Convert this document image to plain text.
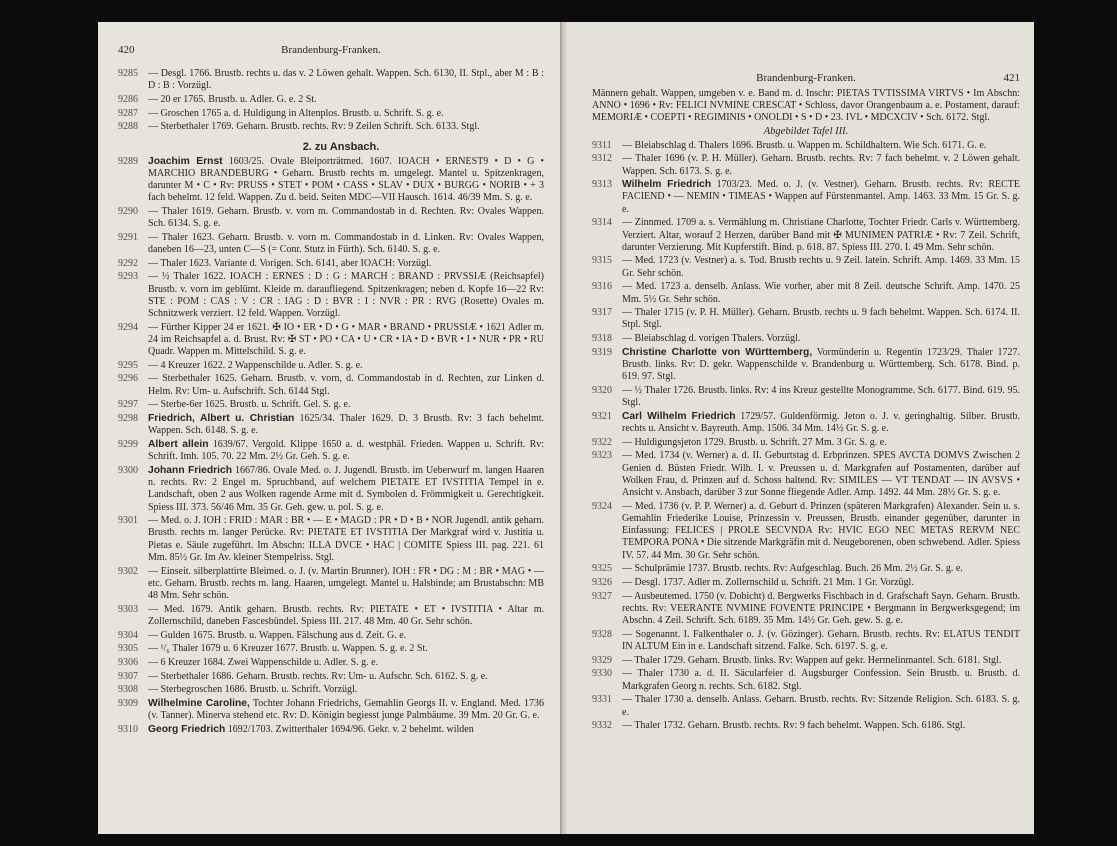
420	Brandenburg-Franken.
9285	— Desgl. 1766. Brustb. rechts u. das v. 2 Löwen gehalt. Wappen. Sch. 6130, II. Stpl., aber M : B : D : B : Vorzügl.
9286	— 20 er 1765. Brustb. u. Adler. G. e. 2 St.
9287	— Groschen 1765 a. d. Huldigung in Altenplos. Brustb. u. Schrift. S. g. e.
9288	— Sterbethaler 1769. Geharn. Brustb. rechts. Rv: 9 Zeilen Schrift. Sch. 6133. Stgl.
2. zu Ansbach.
9289 Joachim Ernst 1603/25. Ovale Bleiporträtmed. 1607. IOACH • ERNEST9 • D • G • MARCHIO BRANDEBURG • Geharn. Brustb rechts m. umgelegt. Mantel u. Spitzenkragen, darunter M • C • Rv: PRUSS • STET • POM • CASS • SLAV • DUX • BURGG • NORIB • + 3 fach behelmt. 12 feld. Wappen. Zu d. beid. Seiten MDC—VII Hausch. 1614. 46/39 Mm. S. g. e.
9290	— Thaler 1619. Geharn. Brustb. v. vorn m. Commandostab in d. Rechten. Rv: Ovales Wappen. Sch. 6134. S. g. e.
9291	— Thaler 1623. Geharn. Brustb. v. vorn m. Commandostab in d. Linken. Rv: Ovales Wappen, daneben 16—23, unten C—S (= Conr. Stutz in Fürth). Sch. 6140. S. g. e.
9292	— Thaler 1623. Variante d. Vorigen. Sch. 6141, aber IOACH: Vorzügl.
9293	— ½ Thaler 1622. IOACH : ERNES : D : G : MARCH : BRAND : PRVSSIÆ (Reichsapfel) Brustb. v. vorn im geblümt. Kleide m. daraufliegend. Spitzenkragen; neben d. Kopfe 16—22 Rv: STE : POM : CAS : V : CR : IAG : D : BVR : I : NVR : PR : RVG (Rosette) Ovales m. Schnitzwerk verziert. 12 feld. Wappen. Vorzügl.
9294	— Fürther Kipper 24 er 1621. ✠ IO • ER • D • G • MAR • BRAND • PRUSSIÆ • 1621 Adler m. 24 im Reichsapfel a. d. Brust. Rv: ✠ ST • PO • CA • U • CR • IA • D • BVR • I • NUR • PR • RU Quadr. Wappen m. Mittelschild. S. g. e.
9295	— 4 Kreuzer 1622. 2 Wappenschilde u. Adler. S. g. e.
9296	— Sterbethaler 1625. Geharn. Brustb. v. vorn, d. Commandostab in d. Rechten, zur Linken d. Helm. Rv: Um- u. Aufschrift. Sch. 6144 Stgl.
9297	— Sterbe-6er 1625. Brustb. u. Schrift. Gel. S. g. e.
9298 Friedrich, Albert u. Christian 1625/34. Thaler 1629. D. 3 Brustb. Rv: 3 fach behelmt. Wappen. Sch. 6148. S. g. e.
9299 Albert allein 1639/67. Vergold. Klippe 1650 a. d. westphäl. Frieden. Wappen u. Schrift. Rv: Schrift. Imh. 105. 70. 22 Mm. 2½ Gr. Geh. S. g. e.
9300 Johann Friedrich 1667/86. Ovale Med. o. J. Jugendl. Brustb. im Ueberwurf m. langen Haaren n. rechts. Rv: 2 Engel m. Spruchband, auf welchem PIETATE ET IVSTITIA Tempel in e. Landschaft, oben 2 aus Wolken ragende Arme mit d. Symbolen d. Frömmigkeit u. Gerechtigkeit. Spiess III. 373. 56/46 Mm. 35 Gr. Geh. gew. u. pol. S. g. e.
9301	— Med. o. J. IOH : FRID : MAR : BR • — E • MAGD : PR • D • B • NOR Jugendl. antik geharn. Brustb. rechts m. langer Perücke. Rv: PIETATE ET IVSTITIA Der Markgraf wird v. Justitia u. Pietas e. Säule zugeführt. Im Abschn: ILLA DVCE • HAC | COMITE Spiess III. pag. 221. 61 Mm. 85½ Gr. Im Av. kleiner Stempelriss. Stgl.
9302	— Einseit. silberplattirte Bleimed. o. J. (v. Martin Brunner). IOH : FR • DG : M : BR • MAG • — etc. Geharn. Brustb. rechts m. lang. Haaren, umgelegt. Mantel u. Halsbinde; am Brustabschn: MB 48 Mm. Sehr schön.
9303	— Med. 1679. Antik geharn. Brustb. rechts. Rv: PIETATE • ET • IVSTITIA • Altar m. Zollernschild, daneben Fascesbündel. Spiess III. 217. 48 Mm. 40 Gr. Sehr schön.
9304	— Gulden 1675. Brustb. u. Wappen. Fälschung aus d. Zeit. G. e.
9305	— ¹/₆ Thaler 1679 u. 6 Kreuzer 1677. Brustb. u. Wappen. S. g. e. 2 St.
9306	— 6 Kreuzer 1684. Zwei Wappenschilde u. Adler. S. g. e.
9307	— Sterbethaler 1686. Geharn. Brustb. rechts. Rv: Um- u. Aufschr. Sch. 6162. S. g. e.
9308	— Sterbegroschen 1686. Brustb. u. Schrift. Vorzügl.
9309 Wilhelmine Caroline, Tochter Johann Friedrichs, Gemahlin Georgs II. v. England. Med. 1736 (v. Tanner). Minerva stehend etc. Rv: D. Königin begiesst junge Palmbäume. 39 Mm. 20 Gr. G. e.
9310 Georg Friedrich 1692/1703. Zwitterthaler 1694/96. Gekr. v. 2 behelmt. wilden
Brandenburg-Franken.	421
Männern gehalt. Wappen, umgeben v. e. Band m. d. Inschr: PIETAS TVTISSIMA VIRTVS • Im Abschn: ANNO • 1696 • Rv: FELICI NVMINE CRESCAT • Schloss, davor Orangenbaum a. e. Postament, darauf: MEMORIÆ • COEPTI • REGIMINIS • ONOLDI • S • D • 23. IVL • MDCXCIV • Sch. 6172. Stgl.
Abgebildet Tafel III.
9311	— Bleiabschlag d. Thalers 1696. Brustb. u. Wappen m. Schildhaltern. Wie Sch. 6171. G. e.
9312	— Thaler 1696 (v. P. H. Müller). Geharn. Brustb. rechts. Rv: 7 fach behelmt. v. 2 Löwen gehalt. Wappen. Sch. 6173. S. g. e.
9313 Wilhelm Friedrich 1703/23. Med. o. J. (v. Vestner). Geharn. Brustb. rechts. Rv: RECTE FACIEND • — NEMIN • TIMEAS • Wappen auf Fürstenmantel. Amp. 1463. 33 Mm. 15 Gr. S. g. e.
9314	— Zinnmed. 1709 a. s. Vermählung m. Christiane Charlotte, Tochter Friedr. Carls v. Württemberg. Verziert. Altar, worauf 2 Herzen, darüber Band mit ✠ MUNIMEN PATRIÆ • Rv: 7 Zeil. Schrift, darunter Verzierung. Mit Kupferstift. Bind. p. 618. 87. Spiess III. 270. I. 49 Mm. Sehr schön.
9315	— Med. 1723 (v. Vestner) a. s. Tod. Brustb rechts u. 9 Zeil. latein. Schrift. Amp. 1469. 33 Mm. 15 Gr. Sehr schön.
9316	— Med. 1723 a. denselb. Anlass. Wie vorher, aber mit 8 Zeil. deutsche Schrift. Amp. 1470. 25 Mm. 5½ Gr. Sehr schön.
9317	— Thaler 1715 (v. P. H. Müller). Geharn. Brustb. rechts u. 9 fach behelmt. Wappen. Sch. 6174. II. Stpl. Stgl.
9318	— Bleiabschlag d. vorigen Thalers. Vorzügl.
9319 Christine Charlotte von Württemberg, Vormünderin u. Regentin 1723/29. Thaler 1727. Brustb. links. Rv: D. gekr. Wappenschilde v. Brandenburg u. Württemberg. Sch. 6178. Bind. p. 619. 97. Stgl.
9320	— ½ Thaler 1726. Brustb. links. Rv: 4 ins Kreuz gestellte Monogramme. Sch. 6177. Bind. 619. 95. Stgl.
9321 Carl Wilhelm Friedrich 1729/57. Guldenförmig. Jeton o. J. v. geringhaltig. Silber. Brustb. rechts u. Ansicht v. Bayreuth. Amp. 1506. 34 Mm. 14½ Gr. S. g. e.
9322	— Huldigungsjeton 1729. Brustb. u. Schrift. 27 Mm. 3 Gr. S. g. e.
9323	— Med. 1734 (v. Werner) a. d. II. Geburtstag d. Erbprinzen. SPES AVCTA DOMVS Zwischen 2 Genien d. Büsten Friedr. Wilh. I. v. Preussen u. d. Markgrafen auf Postamenten, darüber auf Wolken Frau, d. Prinzen auf d. Schoss haltend. Rv: SIMILES — VT TENDAT — IN AVSVS • Ansicht v. Ansbach, darüber 3 zur Sonne fliegende Adler. Amp. 1492. 44 Mm. 28½ Gr. S. g. e.
9324	— Med. 1736 (v. P. P. Werner) a. d. Geburt d. Prinzen (späteren Markgrafen) Alexander. Sein u. s. Gemahlin Friederike Louise, Prinzessin v. Preussen, Brustb. einander gegenüber, darunter in Einfassung: FELICES | PROLE SECVNDA Rv: HVIC EGO NEC METAS RERVM NEC TEMPORA PONA • Die sitzende Markgräfin mit d. Neugeborenen, oben schwebend. Adler. Spiess IV. 57. 44 Mm. 30 Gr. Sehr schön.
9325	— Schulprämie 1737. Brustb. rechts. Rv: Aufgeschlag. Buch. 26 Mm. 2½ Gr. S. g. e.
9326	— Desgl. 1737. Adler m. Zollernschild u. Schrift. 21 Mm. 1 Gr. Vorzügl.
9327	— Ausbeutemed. 1750 (v. Dobicht) d. Bergwerks Fischbach in d. Grafschaft Sayn. Geharn. Brustb. rechts. Rv: VEERANTE NVMINE FOVENTE PRINCIPE • Bergmann in Bergwerksgegend; im Abschn. 4 Zeil. Schrift. Sch. 6189. 35 Mm. 14½ Gr. Geh. gew. S. g. e.
9328	— Sogenannt. I. Falkenthaler o. J. (v. Gözinger). Geharn. Brustb. rechts. Rv: ELATUS TENDIT IN ALTUM Ein in e. Landschaft sitzend. Falke. Sch. 6197. S. g. e.
9329	— Thaler 1729. Geharn. Brustb. links. Rv: Wappen auf gekr. Hermelinmantel. Sch. 6181. Stgl.
9330	— Thaler 1730 a. d. II. Säcularfeier d. Augsburger Confession. Sein Brustb. u. Brustb. d. Markgrafen Georg n. rechts. Sch. 6182. Stgl.
9331	— Thaler 1730 a. denselb. Anlass. Geharn. Brustb. rechts. Rv: Sitzende Religion. Sch. 6183. S. g. e.
9332	— Thaler 1732. Geharn. Brustb. rechts. Rv: 9 fach behelmt. Wappen. Sch. 6186. Stgl.
